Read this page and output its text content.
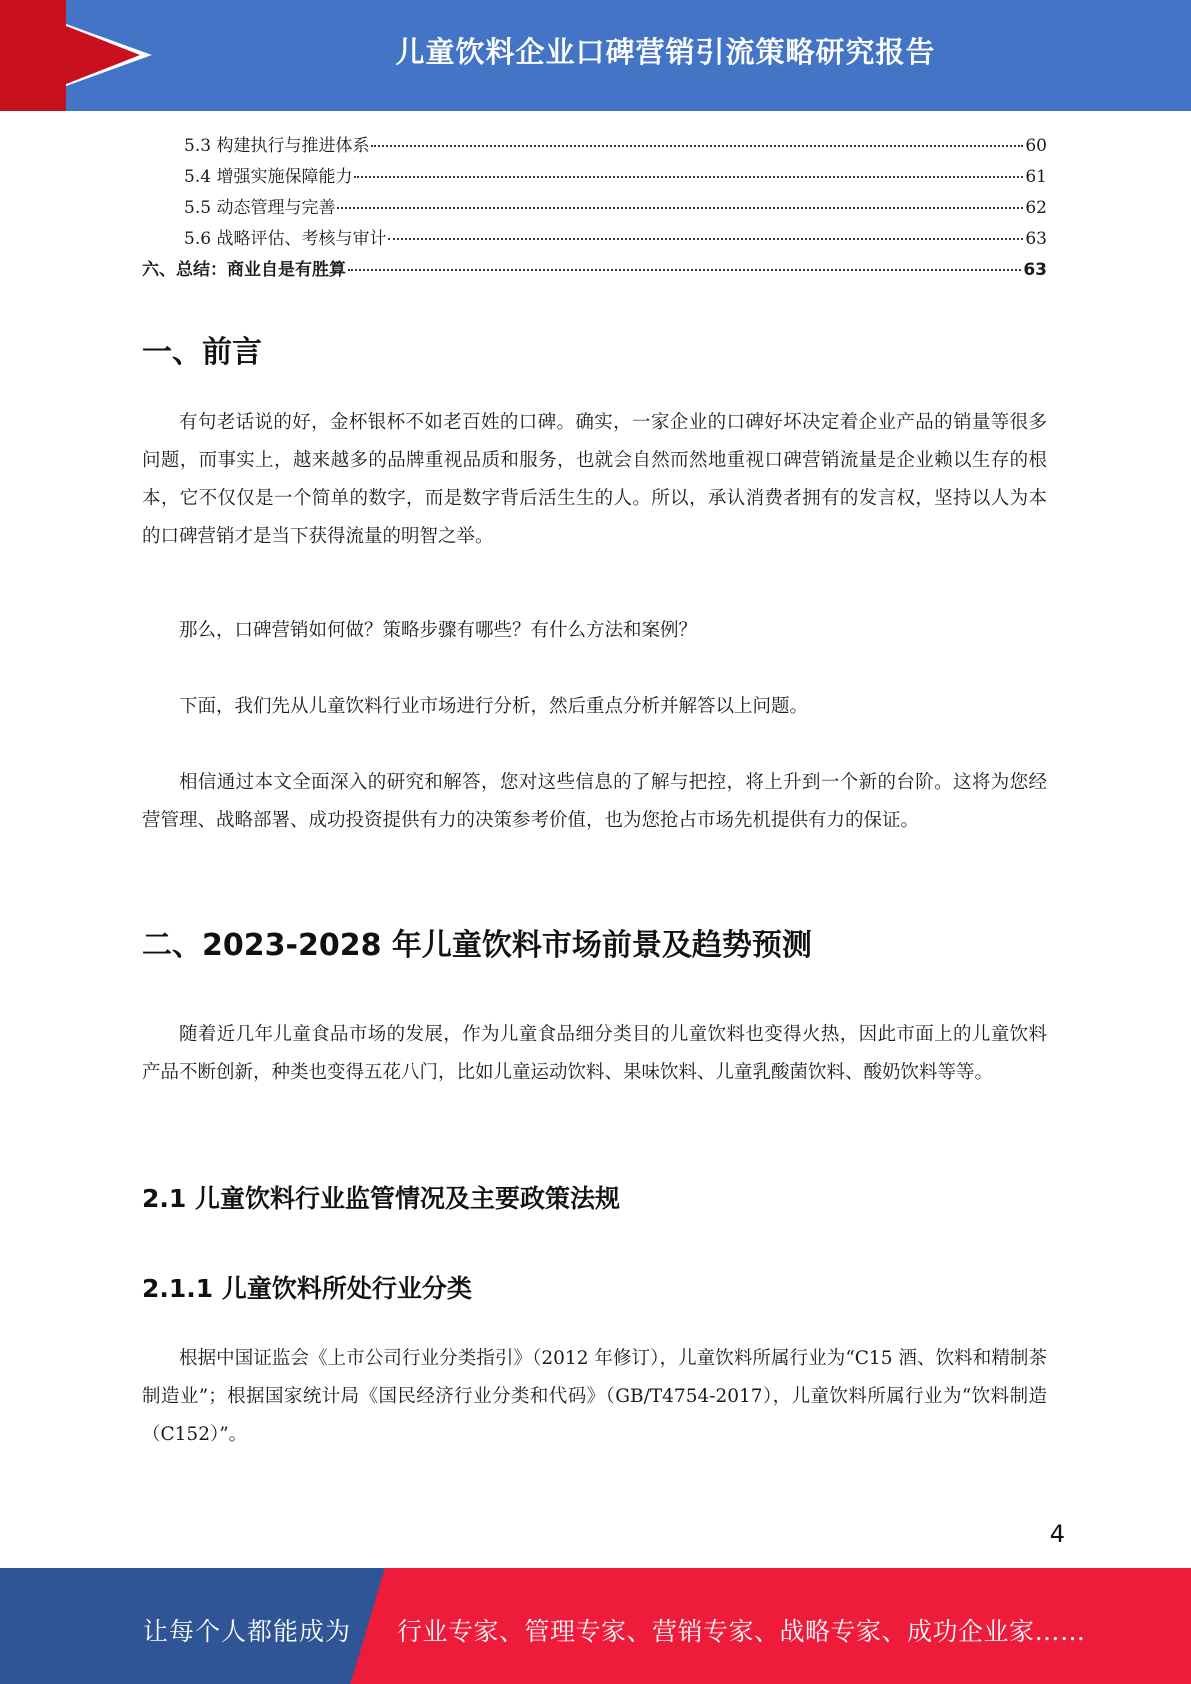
儿童饮料企业口碑营销引流策略研究报告
5.3 构建执行与推进体系	60
5.4 增强实施保障能力	61
5.5 动态管理与完善	62
5.6 战略评估、考核与审计	63
六、总结：商业自是有胜算	63
一、前言

有句老话说的好，金杯银杯不如老百姓的口碑。确实，一家企业的口碑好坏决定着企业产品的销量等很多问题，而事实上，越来越多的品牌重视品质和服务，也就会自然而然地重视口碑营销流量是企业赖以生存的根本，它不仅仅是一个简单的数字，而是数字背后活生生的人。所以，承认消费者拥有的发言权，坚持以人为本的口碑营销才是当下获得流量的明智之举。

那么，口碑营销如何做？策略步骤有哪些？有什么方法和案例？

下面，我们先从儿童饮料行业市场进行分析，然后重点分析并解答以上问题。

相信通过本文全面深入的研究和解答，您对这些信息的了解与把控，将上升到一个新的台阶。这将为您经营管理、战略部署、成功投资提供有力的决策参考价值，也为您抢占市场先机提供有力的保证。

二、2023-2028 年儿童饮料市场前景及趋势预测

随着近几年儿童食品市场的发展，作为儿童食品细分类目的儿童饮料也变得火热，因此市面上的儿童饮料产品不断创新，种类也变得五花八门，比如儿童运动饮料、果味饮料、儿童乳酸菌饮料、酸奶饮料等等。

2.1 儿童饮料行业监管情况及主要政策法规
2.1.1 儿童饮料所处行业分类

根据中国证监会《上市公司行业分类指引》（2012 年修订），儿童饮料所属行业为“C15 酒、饮料和精制茶制造业”；根据国家统计局《国民经济行业分类和代码》（GB/T4754-2017），儿童饮料所属行业为“饮料制造（C152）”。

4
让每个人都能成为 行业专家、管理专家、营销专家、战略专家、成功企业家……
